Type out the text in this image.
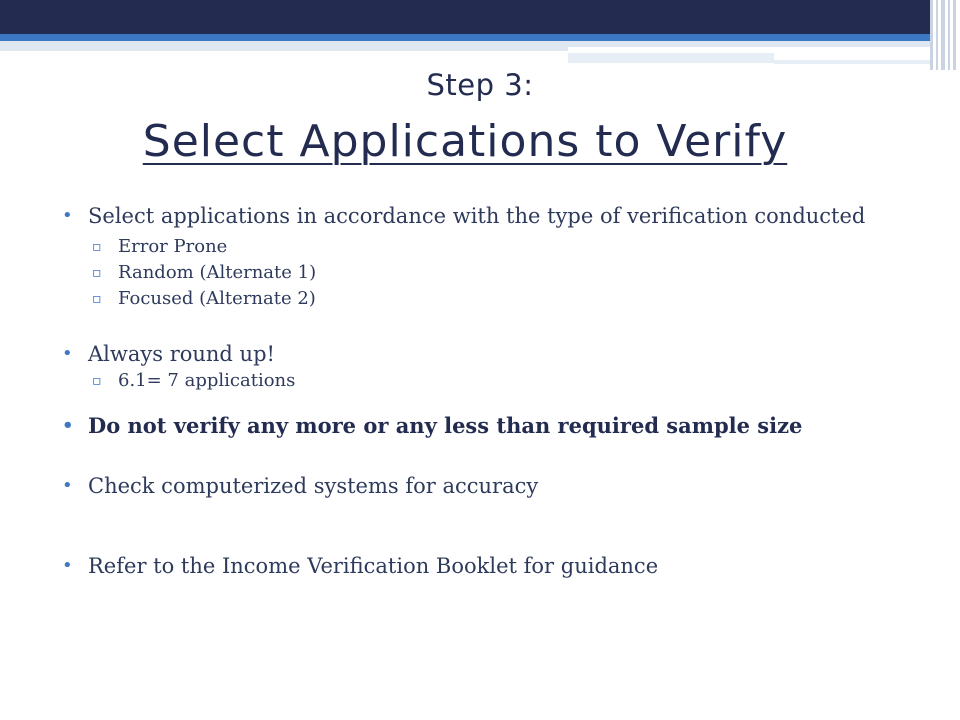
Step 3:
Select Applications to Verify
• Select applications in accordance with the type of verification conducted
▫ Error Prone
▫ Random (Alternate 1)
▫ Focused (Alternate 2)
• Always round up!
▫ 6.1= 7 applications
• Do not verify any more or any less than required sample size
• Check computerized systems for accuracy
• Refer to the Income Verification Booklet for guidance
